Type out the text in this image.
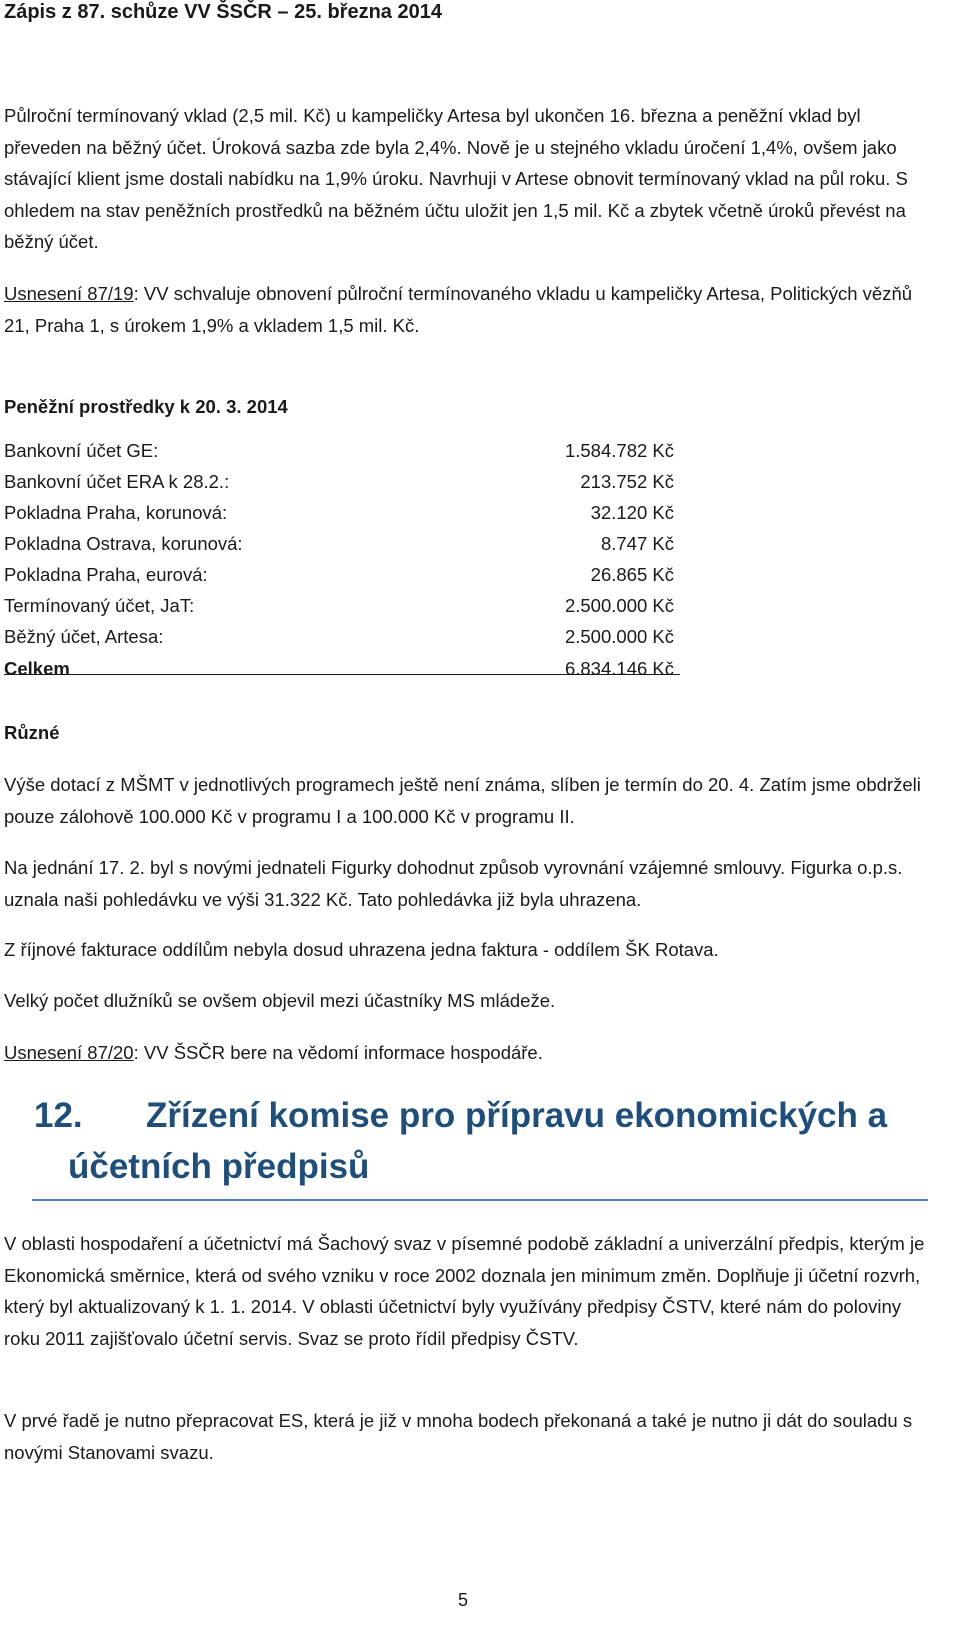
Zápis z 87. schůze VV ŠSČR – 25. března 2014

Půlroční termínovaný vklad (2,5 mil. Kč) u kampeličky Artesa byl ukončen 16. března a peněžní vklad byl převeden na běžný účet. Úroková sazba zde byla 2,4%. Nově je u stejného vkladu úročení 1,4%, ovšem jako stávající klient jsme dostali nabídku na 1,9% úroku. Navrhuji v Artese obnovit termínovaný vklad na půl roku. S ohledem na stav peněžních prostředků na běžném účtu uložit jen 1,5 mil. Kč a zbytek včetně úroků převést na běžný účet.

Usnesení 87/19: VV schvaluje obnovení půlroční termínovaného vkladu u kampeličky Artesa, Politických vězňů 21, Praha 1, s úrokem 1,9% a vkladem 1,5 mil. Kč.

Peněžní prostředky k 20. 3. 2014
Bankovní účet GE:	1.584.782 Kč
Bankovní účet ERA k 28.2.:	213.752 Kč
Pokladna Praha, korunová:	32.120 Kč
Pokladna Ostrava, korunová:	8.747 Kč
Pokladna Praha, eurová:	26.865 Kč
Termínovaný účet, JaT:	2.500.000 Kč
Běžný účet, Artesa:	2.500.000 Kč
Celkem	6.834.146 Kč
Různé

Výše dotací z MŠMT v jednotlivých programech ještě není známa, slíben je termín do 20. 4. Zatím jsme obdrželi pouze zálohově 100.000 Kč v programu I a 100.000 Kč v programu II.

Na jednání 17. 2. byl s novými jednateli Figurky dohodnut způsob vyrovnání vzájemné smlouvy. Figurka o.p.s. uznala naši pohledávku ve výši 31.322 Kč. Tato pohledávka již byla uhrazena.

Z říjnové fakturace oddílům nebyla dosud uhrazena jedna faktura - oddílem ŠK Rotava.

Velký počet dlužníků se ovšem objevil mezi účastníky MS mládeže.

Usnesení 87/20: VV ŠSČR bere na vědomí informace hospodáře.

12. Zřízení komise pro přípravu ekonomických a
účetních předpisů

V oblasti hospodaření a účetnictví má Šachový svaz v písemné podobě základní a univerzální předpis, kterým je Ekonomická směrnice, která od svého vzniku v roce 2002 doznala jen minimum změn. Doplňuje ji účetní rozvrh, který byl aktualizovaný k 1. 1. 2014. V oblasti účetnictví byly využívány předpisy ČSTV, které nám do poloviny roku 2011 zajišťovalo účetní servis. Svaz se proto řídil předpisy ČSTV.

V prvé řadě je nutno přepracovat ES, která je již v mnoha bodech překonaná a také je nutno ji dát do souladu s novými Stanovami svazu.

5
